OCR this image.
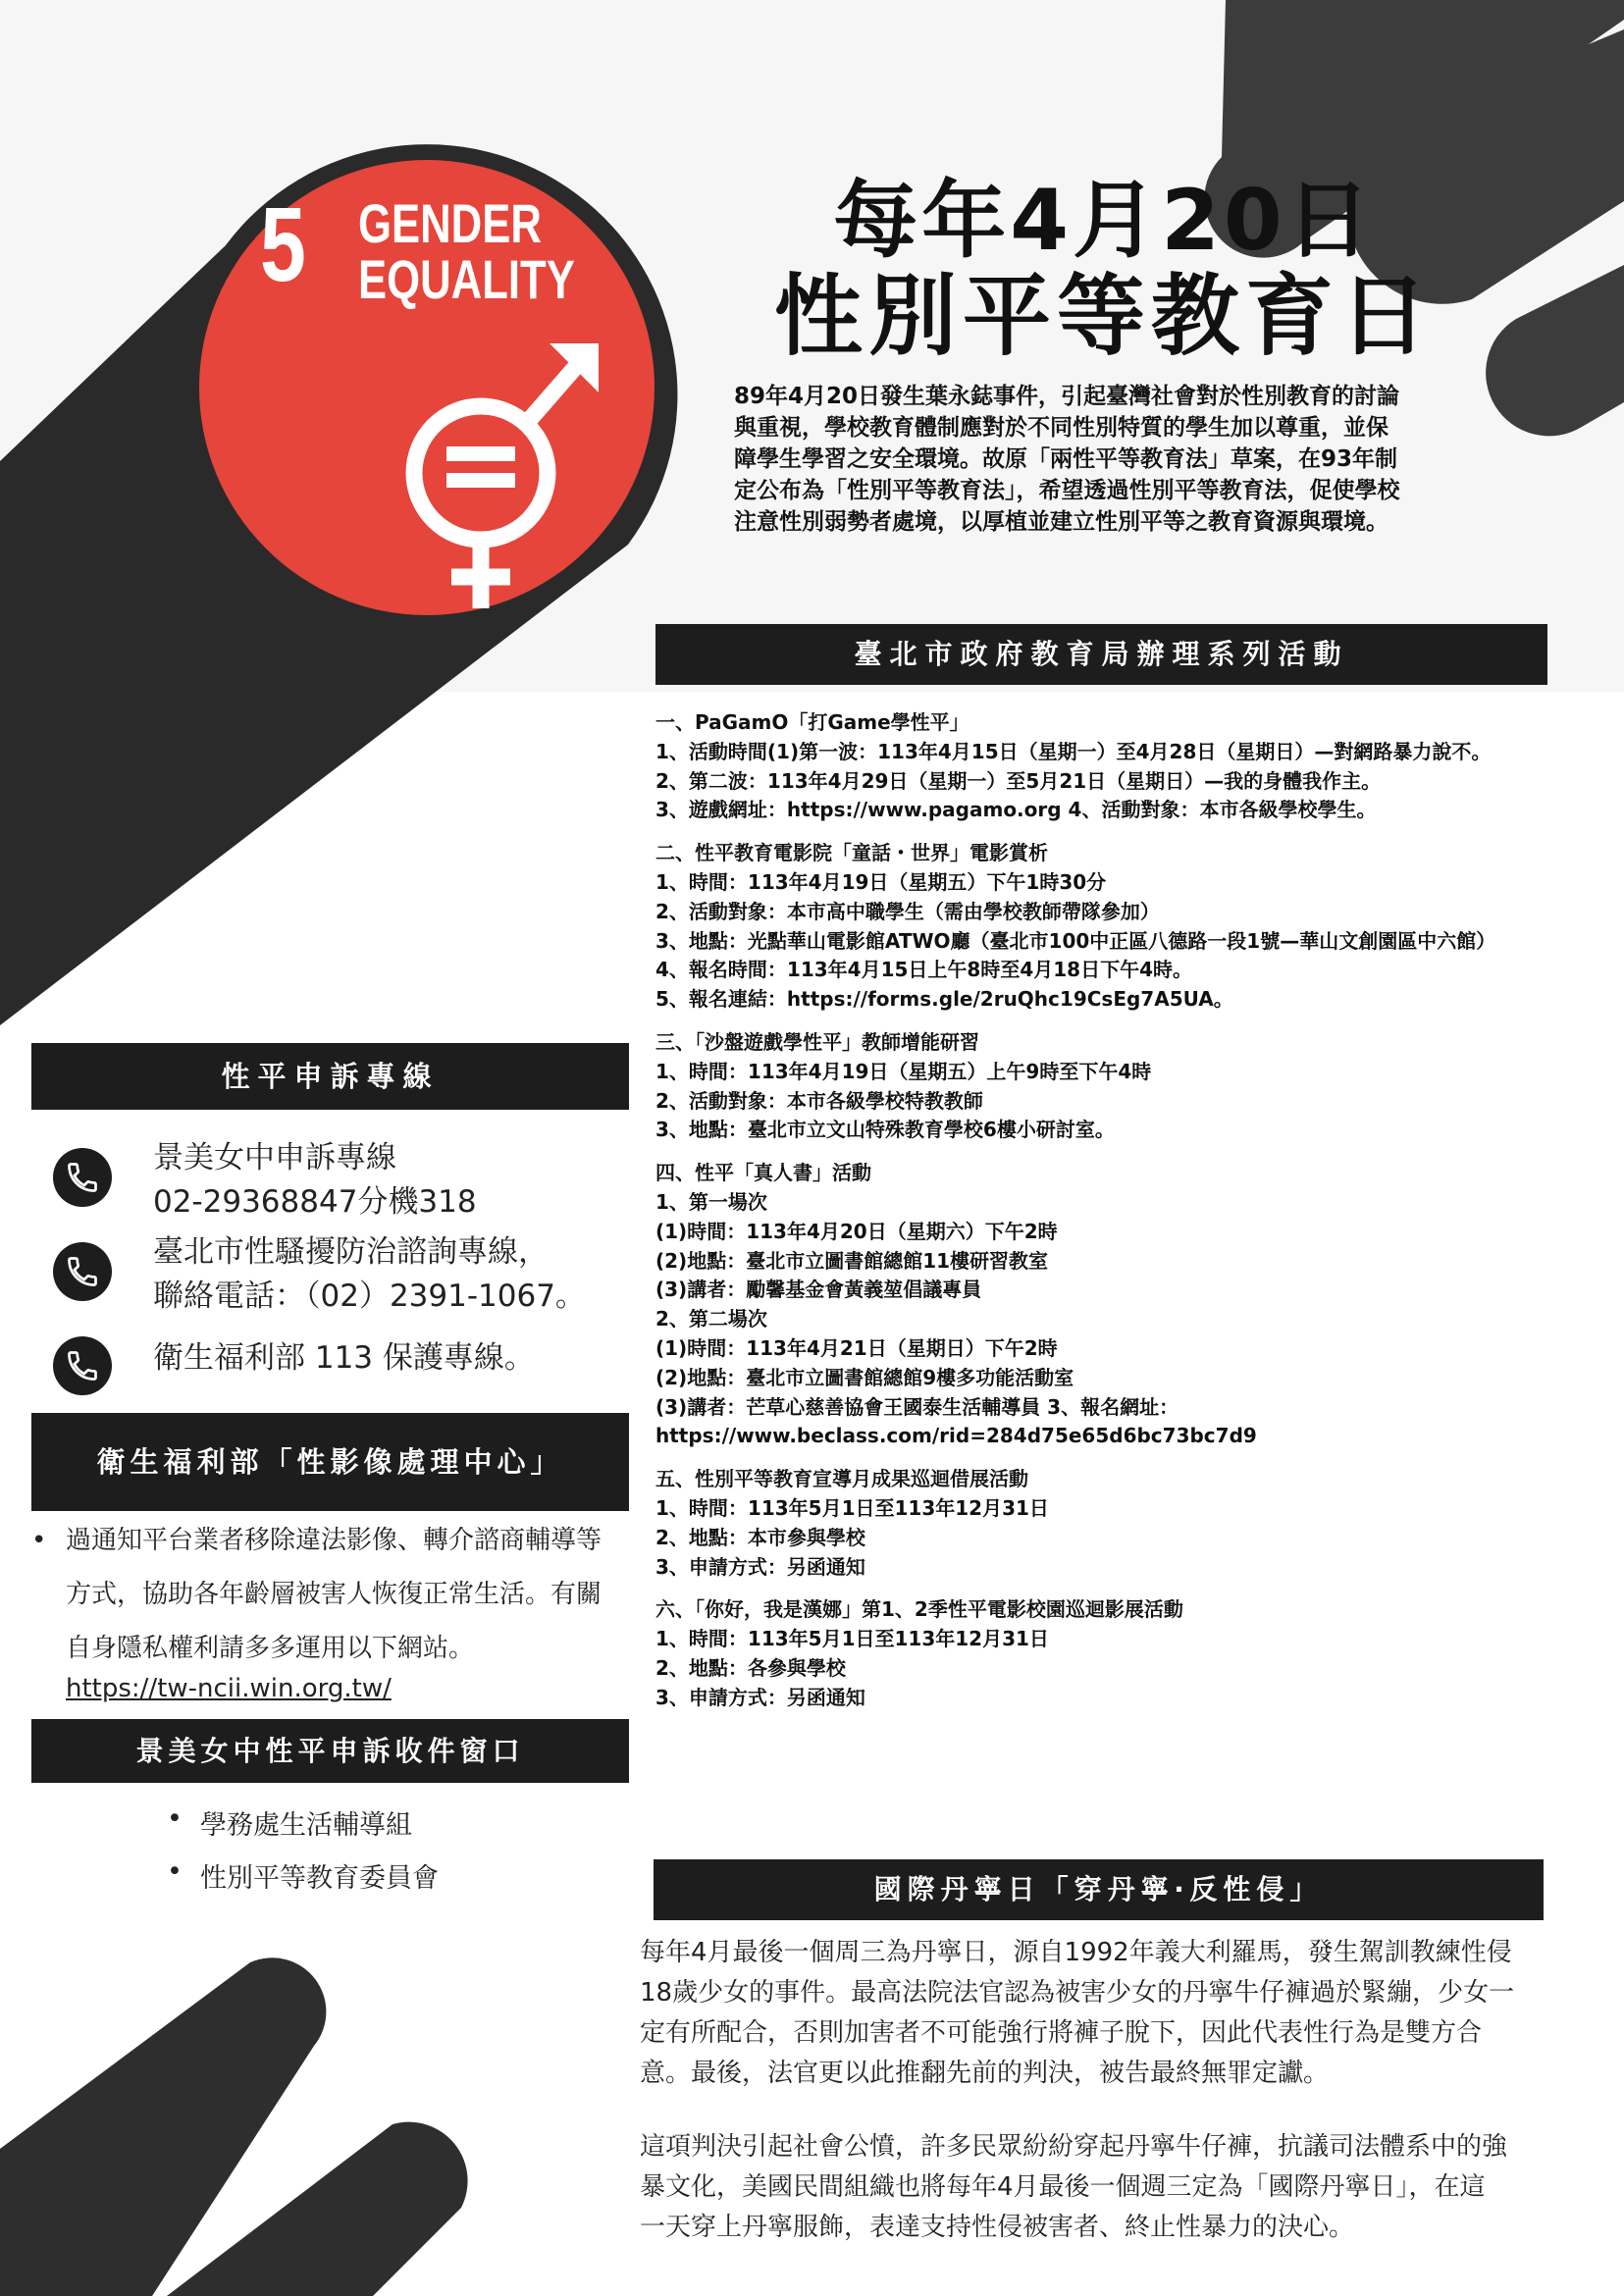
5 GENDER
EQUALITY
每年4月20日
性別平等教育日
89年4月20日發生葉永鋕事件，引起臺灣社會對於性別教育的討論與重視，學校教育體制應對於不同性別特質的學生加以尊重，並保障學生學習之安全環境。故原「兩性平等教育法」草案，在93年制定公布為「性別平等教育法」，希望透過性別平等教育法，促使學校注意性別弱勢者處境，以厚植並建立性別平等之教育資源與環境。
臺北市政府教育局辦理系列活動
一、PaGamO「打Game學性平」
1、活動時間(1)第一波：113年4月15日（星期一）至4月28日（星期日）—對網路暴力說不。
2、第二波：113年4月29日（星期一）至5月21日（星期日）—我的身體我作主。
3、遊戲網址：https://www.pagamo.org 4、活動對象：本市各級學校學生。
二、性平教育電影院「童話・世界」電影賞析
1、時間：113年4月19日（星期五）下午1時30分
2、活動對象：本市高中職學生（需由學校教師帶隊參加）
3、地點：光點華山電影館ATWO廳（臺北市100中正區八德路一段1號—華山文創園區中六館）
4、報名時間：113年4月15日上午8時至4月18日下午4時。
5、報名連結：https://forms.gle/2ruQhc19CsEg7A5UA。
三、「沙盤遊戲學性平」教師增能研習
1、時間：113年4月19日（星期五）上午9時至下午4時
2、活動對象：本市各級學校特教教師
3、地點：臺北市立文山特殊教育學校6樓小研討室。
四、性平「真人書」活動
1、第一場次
(1)時間：113年4月20日（星期六）下午2時
(2)地點：臺北市立圖書館總館11樓研習教室
(3)講者：勵馨基金會黃義堃倡議專員
2、第二場次
(1)時間：113年4月21日（星期日）下午2時
(2)地點：臺北市立圖書館總館9樓多功能活動室
(3)講者：芒草心慈善協會王國泰生活輔導員 3、報名網址：
https://www.beclass.com/rid=284d75e65d6bc73bc7d9
五、性別平等教育宣導月成果巡迴借展活動
1、時間：113年5月1日至113年12月31日
2、地點：本市參與學校
3、申請方式：另函通知
六、「你好，我是漢娜」第1、2季性平電影校園巡迴影展活動
1、時間：113年5月1日至113年12月31日
2、地點：各參與學校
3、申請方式：另函通知
性平申訴專線
景美女中申訴專線
02-29368847分機318
臺北市性騷擾防治諮詢專線，
聯絡電話：（02）2391-1067。
衛生福利部 113 保護專線。
衛生福利部「性影像處理中心」
• 過通知平台業者移除違法影像、轉介諮商輔導等
方式，協助各年齡層被害人恢復正常生活。有關
自身隱私權利請多多運用以下網站。
https://tw-ncii.win.org.tw/
景美女中性平申訴收件窗口
• 學務處生活輔導組
• 性別平等教育委員會	國際丹寧日「穿丹寧‧反性侵」
每年4月最後一個周三為丹寧日，源自1992年義大利羅馬，發生駕訓教練性侵
18歲少女的事件。最高法院法官認為被害少女的丹寧牛仔褲過於緊繃，少女一
定有所配合，否則加害者不可能強行將褲子脫下，因此代表性行為是雙方合
意。最後，法官更以此推翻先前的判決，被告最終無罪定讞。
這項判決引起社會公憤，許多民眾紛紛穿起丹寧牛仔褲，抗議司法體系中的強
暴文化，美國民間組織也將每年4月最後一個週三定為「國際丹寧日」，在這
一天穿上丹寧服飾，表達支持性侵被害者、終止性暴力的決心。
